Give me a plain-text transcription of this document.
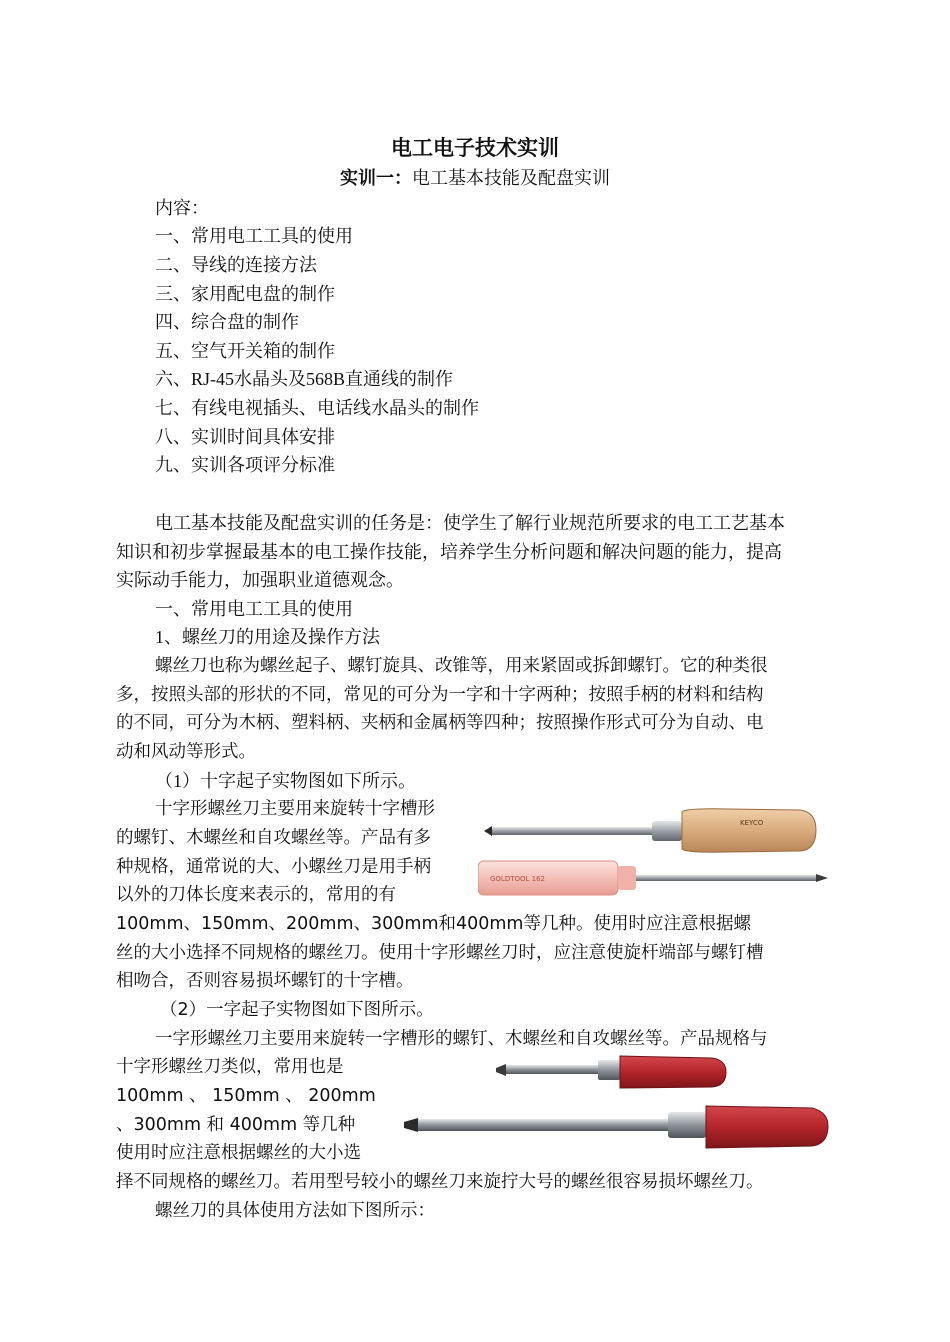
电工电子技术实训
实训一：电工基本技能及配盘实训
内容：
一、常用电工工具的使用
二、导线的连接方法
三、家用配电盘的制作
四、综合盘的制作
五、空气开关箱的制作
六、RJ-45水晶头及568B直通线的制作
七、有线电视插头、电话线水晶头的制作
八、实训时间具体安排
九、实训各项评分标准
电工基本技能及配盘实训的任务是：使学生了解行业规范所要求的电工工艺基本
知识和初步掌握最基本的电工操作技能，培养学生分析问题和解决问题的能力，提高
实际动手能力，加强职业道德观念。
一、常用电工工具的使用
1、螺丝刀的用途及操作方法
螺丝刀也称为螺丝起子、螺钉旋具、改锥等，用来紧固或拆卸螺钉。它的种类很
多，按照头部的形状的不同，常见的可分为一字和十字两种；按照手柄的材料和结构
的不同，可分为木柄、塑料柄、夹柄和金属柄等四种；按照操作形式可分为自动、电
动和风动等形式。
（1）十字起子实物图如下所示。
十字形螺丝刀主要用来旋转十字槽形
的螺钉、木螺丝和自攻螺丝等。产品有多
种规格，通常说的大、小螺丝刀是用手柄
以外的刀体长度来表示的，常用的有
100mm、150mm、200mm、300mm和400mm等几种。使用时应注意根据螺
丝的大小选择不同规格的螺丝刀。使用十字形螺丝刀时，应注意使旋杆端部与螺钉槽
相吻合，否则容易损坏螺钉的十字槽。
（2）一字起子实物图如下图所示。
一字形螺丝刀主要用来旋转一字槽形的螺钉、木螺丝和自攻螺丝等。产品规格与
十字形螺丝刀类似，常用也是
100mm 、 150mm 、 200mm
、300mm 和 400mm 等几种
使用时应注意根据螺丝的大小选
择不同规格的螺丝刀。若用型号较小的螺丝刀来旋拧大号的螺丝很容易损坏螺丝刀。
螺丝刀的具体使用方法如下图所示：
KEYCO
GOLDTOOL 162
